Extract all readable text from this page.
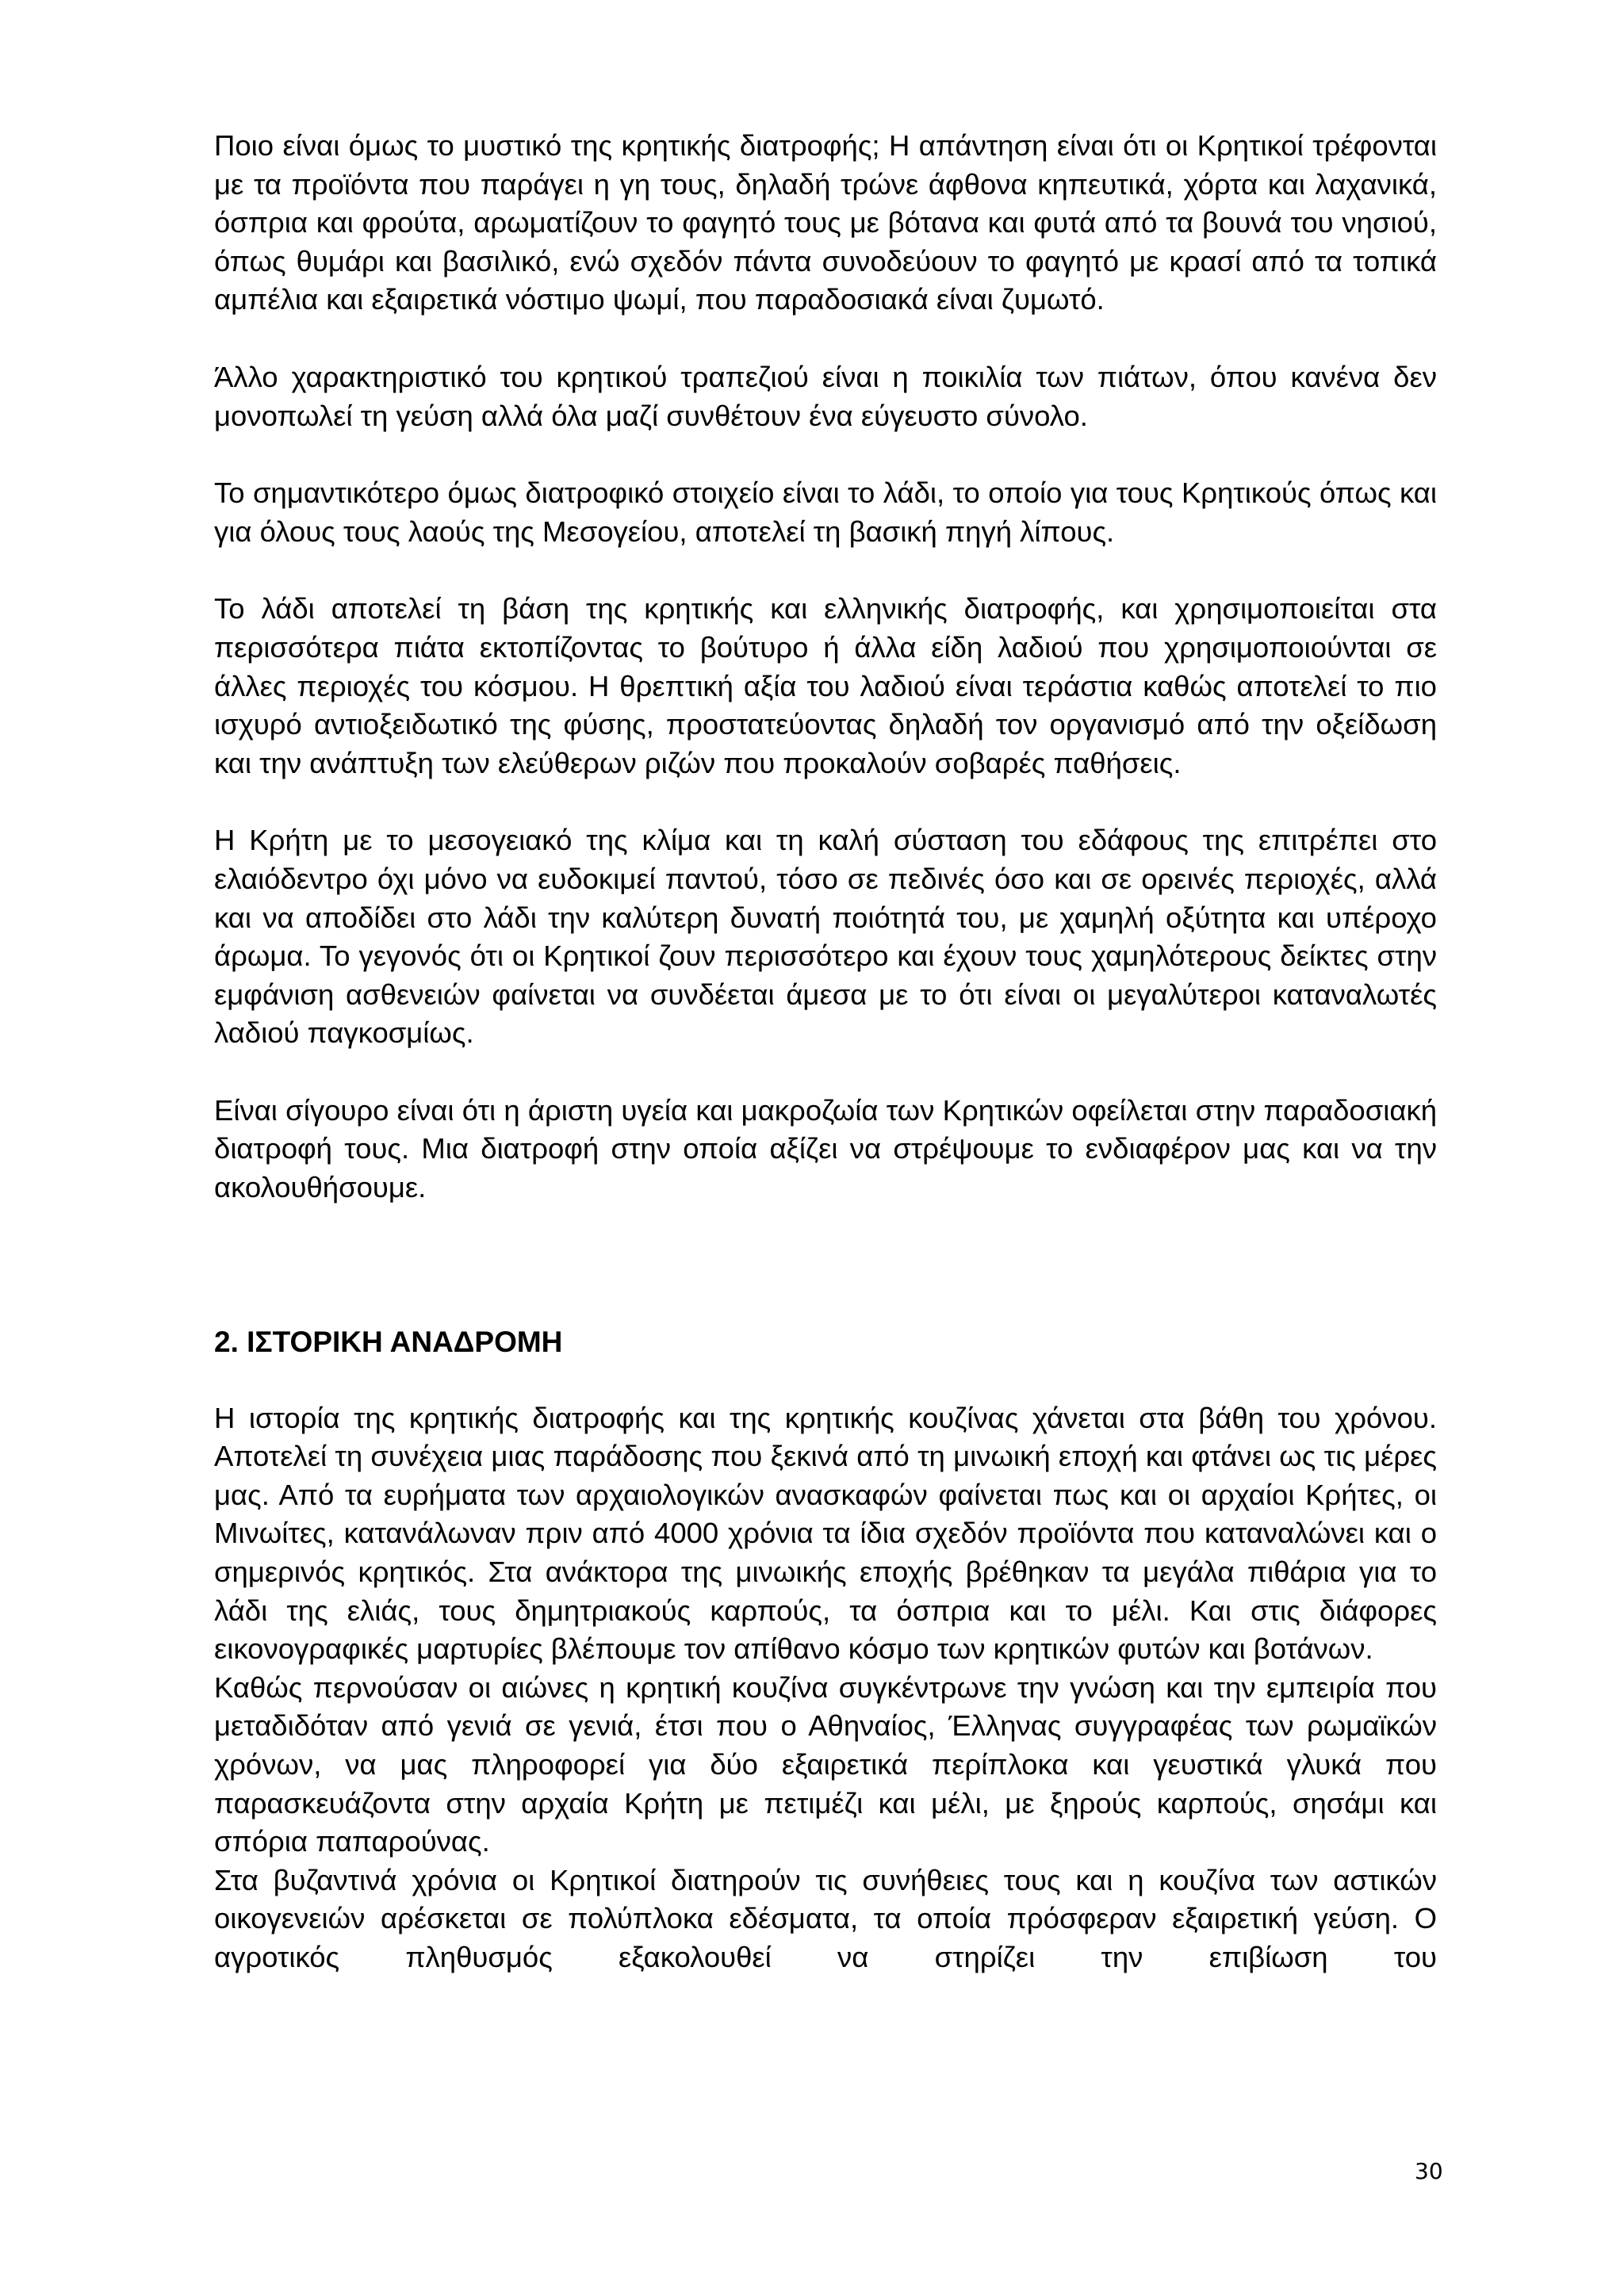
Ποιο είναι όμως το μυστικό της κρητικής διατροφής; Η απάντηση είναι ότι οι Κρητικοί τρέφονται με τα προϊόντα που παράγει η γη τους, δηλαδή τρώνε άφθονα κηπευτικά, χόρτα και λαχανικά, όσπρια και φρούτα, αρωματίζουν το φαγητό τους με βότανα και φυτά από τα βουνά του νησιού, όπως θυμάρι και βασιλικό, ενώ σχεδόν πάντα συνοδεύουν το φαγητό με κρασί από τα τοπικά αμπέλια και εξαιρετικά νόστιμο ψωμί, που παραδοσιακά είναι ζυμωτό.

Άλλο χαρακτηριστικό του κρητικού τραπεζιού είναι η ποικιλία των πιάτων, όπου κανένα δεν μονοπωλεί τη γεύση αλλά όλα μαζί συνθέτουν ένα εύγευστο σύνολο.

Το σημαντικότερο όμως διατροφικό στοιχείο είναι το λάδι, το οποίο για τους Κρητικούς όπως και για όλους τους λαούς της Μεσογείου, αποτελεί τη βασική πηγή λίπους.

Το λάδι αποτελεί τη βάση της κρητικής και ελληνικής διατροφής, και χρησιμοποιείται στα περισσότερα πιάτα εκτοπίζοντας το βούτυρο ή άλλα είδη λαδιού που χρησιμοποιούνται σε άλλες περιοχές του κόσμου. Η θρεπτική αξία του λαδιού είναι τεράστια καθώς αποτελεί το πιο ισχυρό αντιοξειδωτικό της φύσης, προστατεύοντας δηλαδή τον οργανισμό από την οξείδωση και την ανάπτυξη των ελεύθερων ριζών που προκαλούν σοβαρές παθήσεις.

Η Κρήτη με το μεσογειακό της κλίμα και τη καλή σύσταση του εδάφους της επιτρέπει στο ελαιόδεντρο όχι μόνο να ευδοκιμεί παντού, τόσο σε πεδινές όσο και σε ορεινές περιοχές, αλλά και να αποδίδει στο λάδι την καλύτερη δυνατή ποιότητά του, με χαμηλή οξύτητα και υπέροχο άρωμα. Το γεγονός ότι οι Κρητικοί ζουν περισσότερο και έχουν τους χαμηλότερους δείκτες στην εμφάνιση ασθενειών φαίνεται να συνδέεται άμεσα με το ότι είναι οι μεγαλύτεροι καταναλωτές λαδιού παγκοσμίως.

Είναι σίγουρο είναι ότι η άριστη υγεία και μακροζωία των Κρητικών οφείλεται στην παραδοσιακή διατροφή τους. Μια διατροφή στην οποία αξίζει να στρέψουμε το ενδιαφέρον μας και να την ακολουθήσουμε.

2. ΙΣΤΟΡΙΚΗ ΑΝΑΔΡΟΜΗ

Η ιστορία της κρητικής διατροφής και της κρητικής κουζίνας χάνεται στα βάθη του χρόνου. Αποτελεί τη συνέχεια μιας παράδοσης που ξεκινά από τη μινωική εποχή και φτάνει ως τις μέρες μας. Από τα ευρήματα των αρχαιολογικών ανασκαφών φαίνεται πως και οι αρχαίοι Κρήτες, οι Μινωίτες, κατανάλωναν πριν από 4000 χρόνια τα ίδια σχεδόν προϊόντα που καταναλώνει και ο σημερινός κρητικός. Στα ανάκτορα της μινωικής εποχής βρέθηκαν τα μεγάλα πιθάρια για το λάδι της ελιάς, τους δημητριακούς καρπούς, τα όσπρια και το μέλι. Και στις διάφορες εικονογραφικές μαρτυρίες βλέπουμε τον απίθανο κόσμο των κρητικών φυτών και βοτάνων.

Καθώς περνούσαν οι αιώνες η κρητική κουζίνα συγκέντρωνε την γνώση και την εμπειρία που μεταδιδόταν από γενιά σε γενιά, έτσι που ο Αθηναίος, Έλληνας συγγραφέας των ρωμαϊκών χρόνων, να μας πληροφορεί για δύο εξαιρετικά περίπλοκα και γευστικά γλυκά που παρασκευάζοντα στην αρχαία Κρήτη με πετιμέζι και μέλι, με ξηρούς καρπούς, σησάμι και σπόρια παπαρούνας.

Στα βυζαντινά χρόνια οι Κρητικοί διατηρούν τις συνήθειες τους και η κουζίνα των αστικών οικογενειών αρέσκεται σε πολύπλοκα εδέσματα, τα οποία πρόσφεραν εξαιρετική γεύση. Ο αγροτικός πληθυσμός εξακολουθεί να στηρίζει την επιβίωση του

30
